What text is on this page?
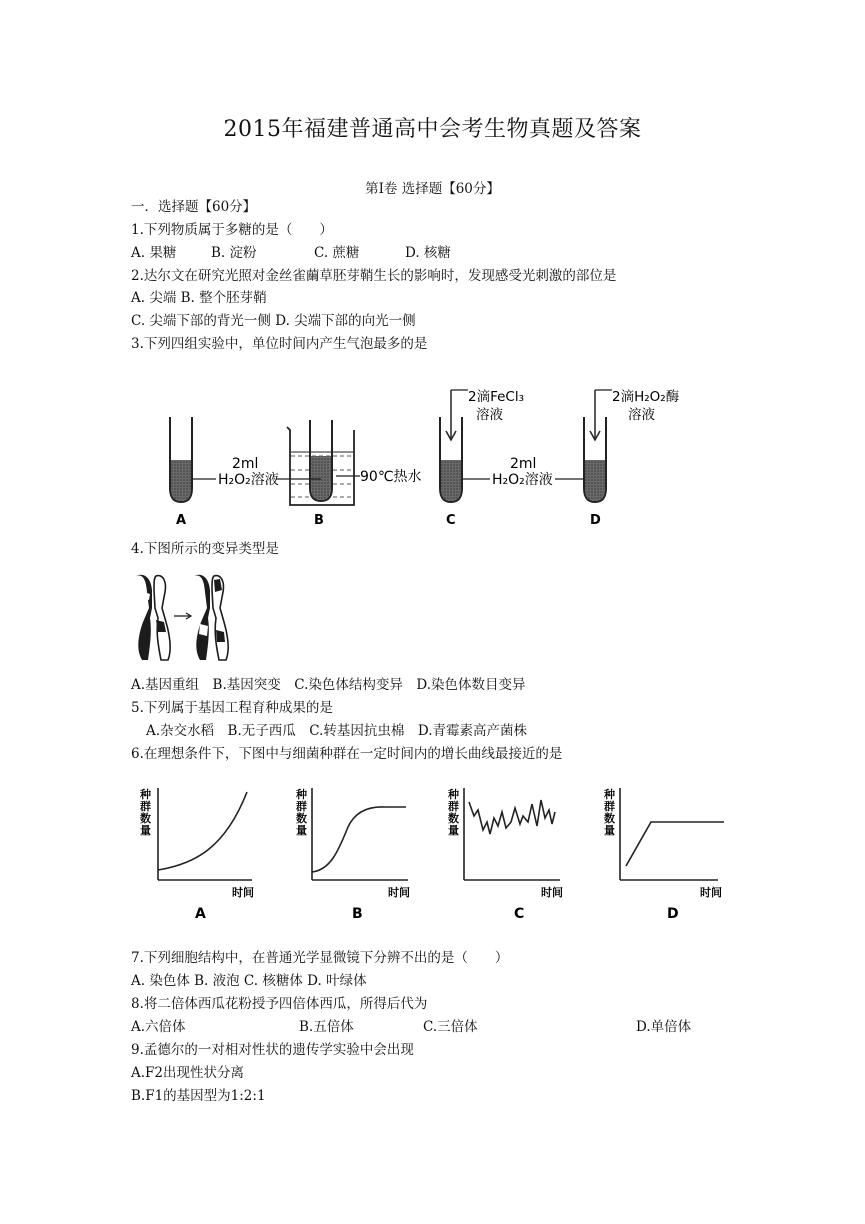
2015年福建普通高中会考生物真题及答案
第Ⅰ卷 选择题【60分】
一．选择题【60分】
1.下列物质属于多糖的是（　　）
A. 果糖	B. 淀粉	C. 蔗糖	D. 核糖
2.达尔文在研究光照对金丝雀繭草胚芽鞘生长的影响时，发现感受光刺激的部位是
A. 尖端 B. 整个胚芽鞘
C. 尖端下部的背光一侧 D. 尖端下部的向光一侧
3.下列四组实验中，单位时间内产生气泡最多的是
2ml
H₂O₂溶液	90℃热水
2滴FeCl₃
溶液
2ml
H₂O₂溶液
2滴H₂O₂酶
溶液
A	B	C	D
4.下图所示的变异类型是
A.基因重组　B.基因突变　C.染色体结构变异　D.染色体数目变异
5.下列属于基因工程育种成果的是
A.杂交水稻　B.无子西瓜　C.转基因抗虫棉　D.青霉素高产菌株
6.在理想条件下，下图中与细菌种群在一定时间内的增长曲线最接近的是
种
群
数
量
种
群
数
量
种
群
数
量
种
群
数
量
时间	时间	时间	时间
A	B	C	D
7.下列细胞结构中，在普通光学显微镜下分辨不出的是（　　）
A. 染色体 B. 液泡 C. 核糖体 D. 叶绿体
8.将二倍体西瓜花粉授予四倍体西瓜，所得后代为
A.六倍体	B.五倍体	C.三倍体	D.单倍体
9.孟德尔的一对相对性状的遗传学实验中会出现
A.F2出现性状分离
B.F1的基因型为1:2:1
